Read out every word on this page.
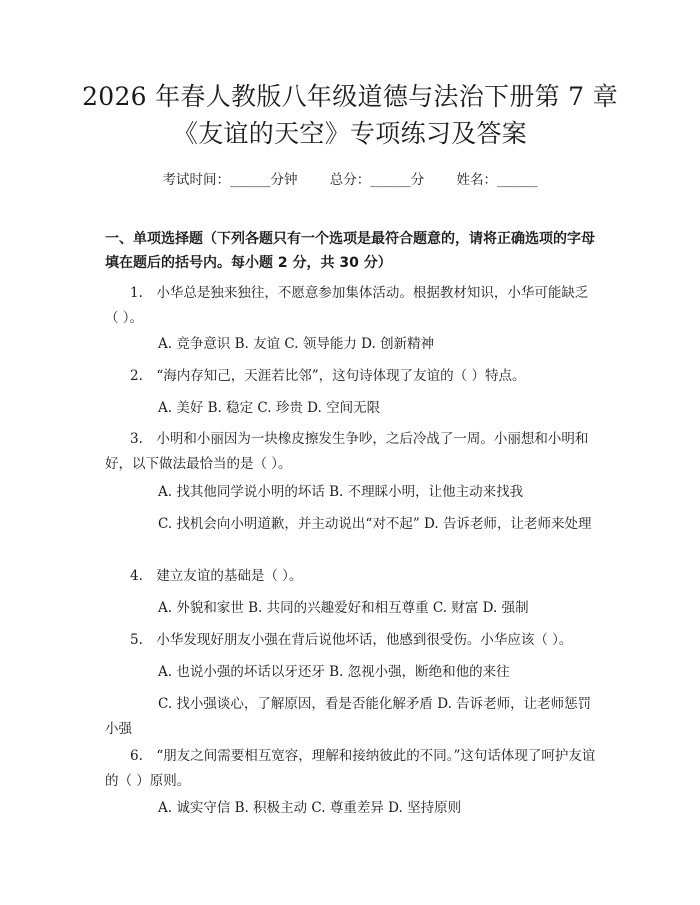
2026 年春人教版八年级道德与法治下册第 7 章《友谊的天空》专项练习及答案
考试时间：______分钟 总分：______分 姓名：______
一、单项选择题（下列各题只有一个选项是最符合题意的，请将正确选项的字母填在题后的括号内。每小题 2 分，共 30 分）
1.　小华总是独来独往，不愿意参加集体活动。根据教材知识，小华可能缺乏（ ）。
A. 竞争意识 B. 友谊 C. 领导能力 D. 创新精神
2.　“海内存知己，天涯若比邻”，这句诗体现了友谊的（ ）特点。
A. 美好 B. 稳定 C. 珍贵 D. 空间无限
3.　小明和小丽因为一块橡皮擦发生争吵，之后冷战了一周。小丽想和小明和好，以下做法最恰当的是（ ）。
A. 找其他同学说小明的坏话 B. 不理睬小明，让他主动来找我
C. 找机会向小明道歉，并主动说出“对不起” D. 告诉老师，让老师来处理
4.　建立友谊的基础是（ ）。
A. 外貌和家世 B. 共同的兴趣爱好和相互尊重 C. 财富 D. 强制
5.　小华发现好朋友小强在背后说他坏话，他感到很受伤。小华应该（ ）。
A. 也说小强的坏话以牙还牙 B. 忽视小强，断绝和他的来往
C. 找小强谈心，了解原因，看是否能化解矛盾 D. 告诉老师，让老师惩罚小强
6.　“朋友之间需要相互宽容，理解和接纳彼此的不同。”这句话体现了呵护友谊的（ ）原则。
A. 诚实守信 B. 积极主动 C. 尊重差异 D. 坚持原则
